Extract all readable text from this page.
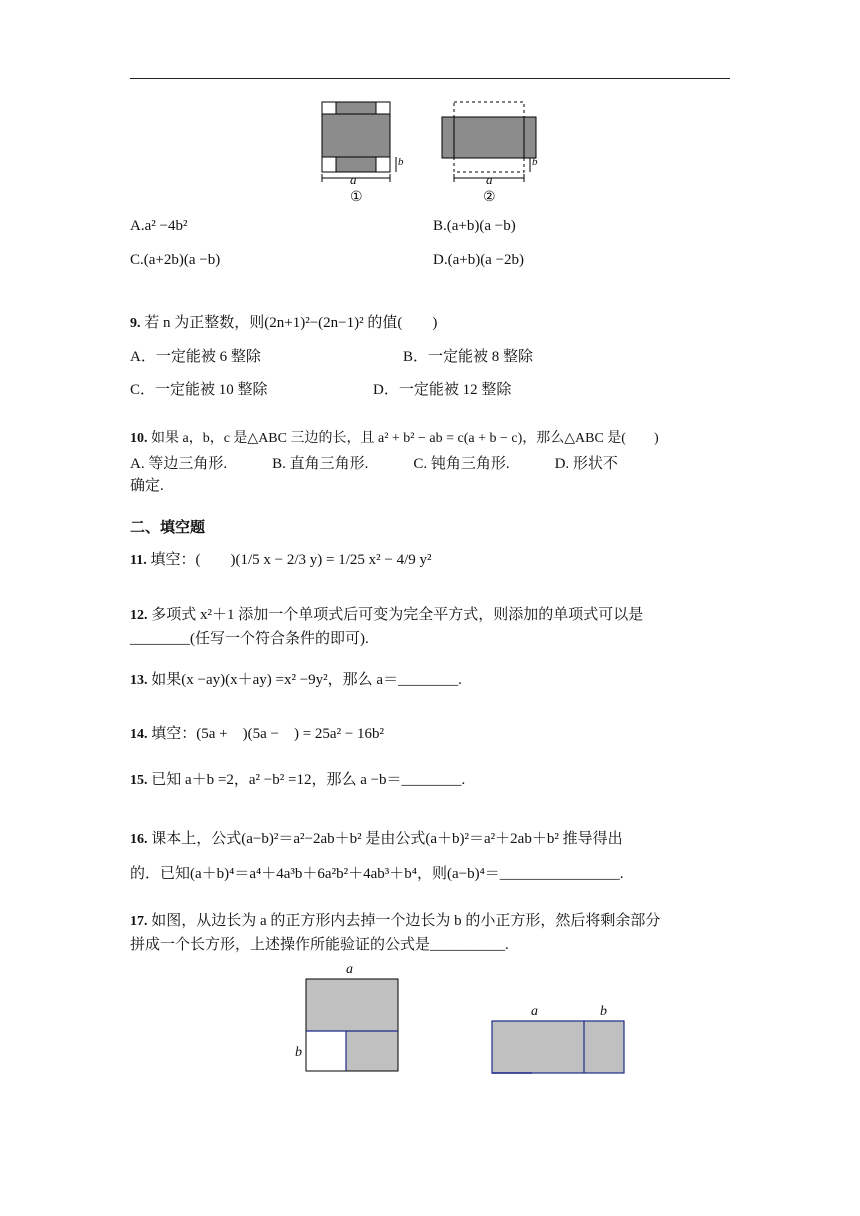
a
b
①
a
b
②
A.a² −4b²	B.(a+b)(a −b)
C.(a+2b)(a −b)	D.(a+b)(a −2b)
9. 若 n 为正整数，则(2n+1)²−(2n−1)² 的值(　　)
A．一定能被 6 整除	B．一定能被 8 整除
C．一定能被 10 整除	D．一定能被 12 整除
10. 如果 a，b，c 是△ABC 三边的长，且 a² + b² − ab = c(a + b − c)，那么△ABC 是(　　)
A. 等边三角形.　　　B. 直角三角形.　　　C. 钝角三角形.　　　D. 形状不
确定.
二、填空题
11. 填空：(　　)(1/5 x − 2/3 y) = 1/25 x² − 4/9 y²
12. 多项式 x²＋1 添加一个单项式后可变为完全平方式，则添加的单项式可以是
________(任写一个符合条件的即可).
13. 如果(x −ay)(x＋ay) =x² −9y²，那么 a＝________.
14. 填空：(5a +　)(5a −　) = 25a² − 16b²
15. 已知 a＋b =2，a² −b² =12，那么 a −b＝________.
16. 课本上，公式(a−b)²＝a²−2ab＋b² 是由公式(a＋b)²＝a²＋2ab＋b² 推导得出
的．已知(a＋b)⁴＝a⁴＋4a³b＋6a²b²＋4ab³＋b⁴，则(a−b)⁴＝________________.
17. 如图，从边长为 a 的正方形内去掉一个边长为 b 的小正方形，然后将剩余部分
拼成一个长方形，上述操作所能验证的公式是__________.
a
b
a	b
